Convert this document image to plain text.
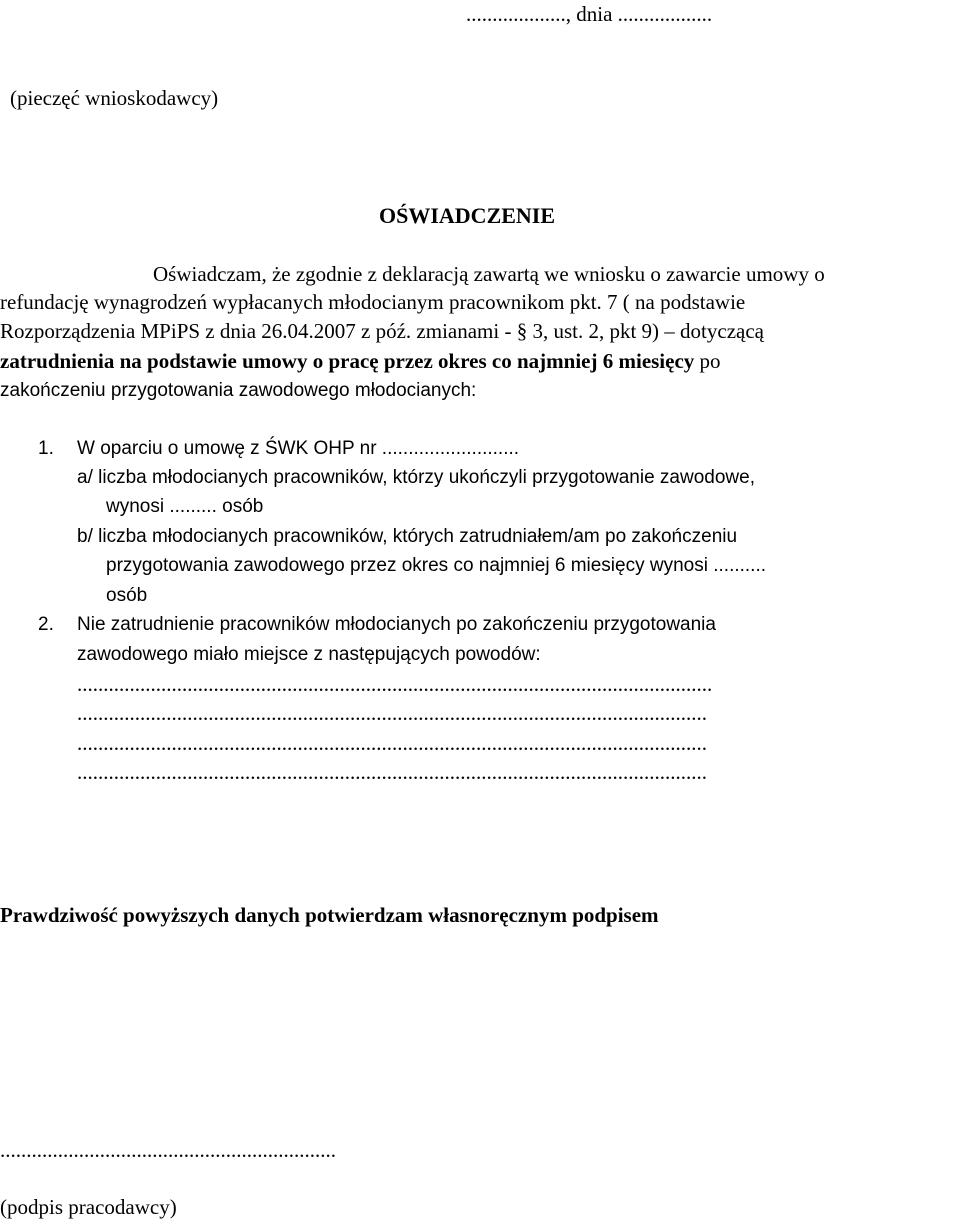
..................., dnia ..................
(pieczęć wnioskodawcy)
OŚWIADCZENIE
Oświadczam, że zgodnie z deklaracją zawartą we wniosku o zawarcie umowy o
refundację wynagrodzeń wypłacanych młodocianym pracownikom pkt. 7 ( na podstawie
Rozporządzenia MPiPS z dnia 26.04.2007 z póź. zmianami - § 3, ust. 2, pkt 9) – dotyczącą
zatrudnienia na podstawie umowy o pracę przez okres co najmniej 6 miesięcy po
zakończeniu przygotowania zawodowego młodocianych:
1. W oparciu o umowę z ŚWK OHP nr ..........................
a/ liczba młodocianych pracowników, którzy ukończyli przygotowanie zawodowe,
wynosi ......... osób
b/ liczba młodocianych pracowników, których zatrudniałem/am po zakończeniu
przygotowania zawodowego przez okres co najmniej 6 miesięcy wynosi ..........
osób
2. Nie zatrudnienie pracowników młodocianych po zakończeniu przygotowania
zawodowego miało miejsce z następujących powodów:
.........................................................................................................................
........................................................................................................................
........................................................................................................................
........................................................................................................................
Prawdziwość powyższych danych potwierdzam własnoręcznym podpisem
................................................................
(podpis pracodawcy)
